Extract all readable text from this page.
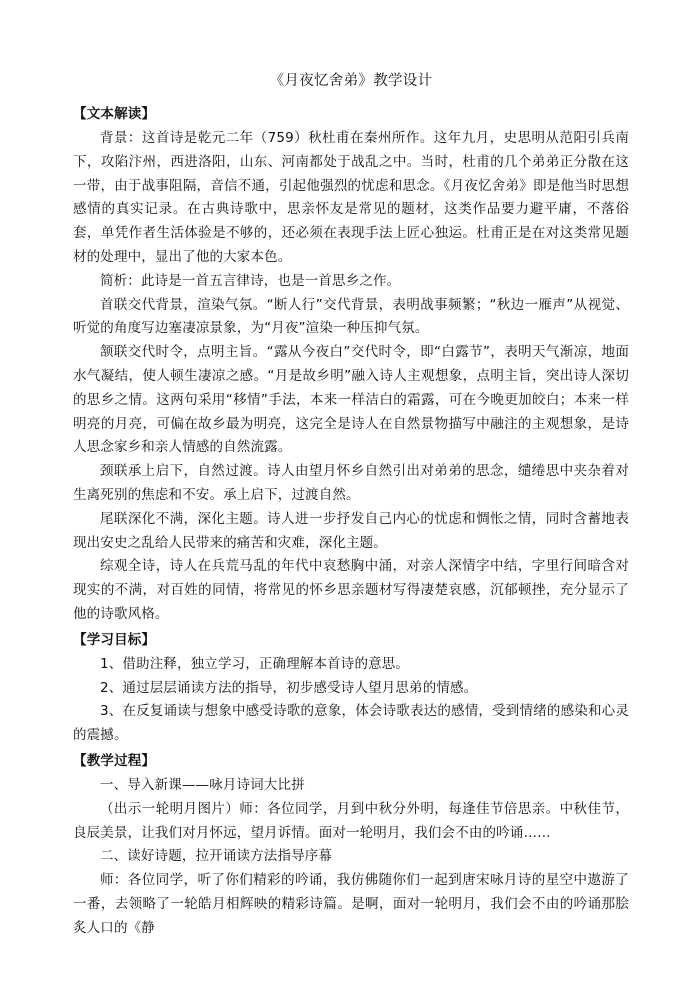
《月夜忆舍弟》教学设计
【文本解读】

背景：这首诗是乾元二年（759）秋杜甫在秦州所作。这年九月，史思明从范阳引兵南下，攻陷汴州，西进洛阳，山东、河南都处于战乱之中。当时，杜甫的几个弟弟正分散在这一带，由于战事阻隔，音信不通，引起他强烈的忧虑和思念。《月夜忆舍弟》即是他当时思想感情的真实记录。在古典诗歌中，思亲怀友是常见的题材，这类作品要力避平庸，不落俗套，单凭作者生活体验是不够的，还必须在表现手法上匠心独运。杜甫正是在对这类常见题材的处理中，显出了他的大家本色。

简析：此诗是一首五言律诗，也是一首思乡之作。

首联交代背景，渲染气氛。“断人行”交代背景，表明战事频繁；“秋边一雁声”从视觉、听觉的角度写边塞凄凉景象，为“月夜”渲染一种压抑气氛。

颔联交代时令，点明主旨。“露从今夜白”交代时令，即“白露节”，表明天气渐凉，地面水气凝结，使人顿生凄凉之感。“月是故乡明”融入诗人主观想象，点明主旨，突出诗人深切的思乡之情。这两句采用“移情”手法，本来一样洁白的霜露，可在今晚更加皎白；本来一样明亮的月亮，可偏在故乡最为明亮，这完全是诗人在自然景物描写中融注的主观想象，是诗人思念家乡和亲人情感的自然流露。

颈联承上启下，自然过渡。诗人由望月怀乡自然引出对弟弟的思念，缱绻思中夹杂着对生离死别的焦虑和不安。承上启下，过渡自然。

尾联深化不满，深化主题。诗人进一步抒发自己内心的忧虑和惆怅之情，同时含蓄地表现出安史之乱给人民带来的痛苦和灾难，深化主题。

综观全诗，诗人在兵荒马乱的年代中哀愁胸中涌，对亲人深情字中结，字里行间暗含对现实的不满，对百姓的同情，将常见的怀乡思亲题材写得凄楚哀感，沉郁顿挫，充分显示了他的诗歌风格。

【学习目标】

1、借助注释，独立学习，正确理解本首诗的意思。

2、通过层层诵读方法的指导，初步感受诗人望月思弟的情感。

3、在反复诵读与想象中感受诗歌的意象，体会诗歌表达的感情，受到情绪的感染和心灵的震撼。

【教学过程】

一、导入新课——咏月诗词大比拼

（出示一轮明月图片）师：各位同学，月到中秋分外明，每逢佳节倍思亲。中秋佳节，良辰美景，让我们对月怀远，望月诉情。面对一轮明月，我们会不由的吟诵……

二、读好诗题，拉开诵读方法指导序幕

师：各位同学，听了你们精彩的吟诵，我仿佛随你们一起到唐宋咏月诗的星空中遨游了一番，去领略了一轮皓月相辉映的精彩诗篇。是啊，面对一轮明月，我们会不由的吟诵那脍炙人口的《静
